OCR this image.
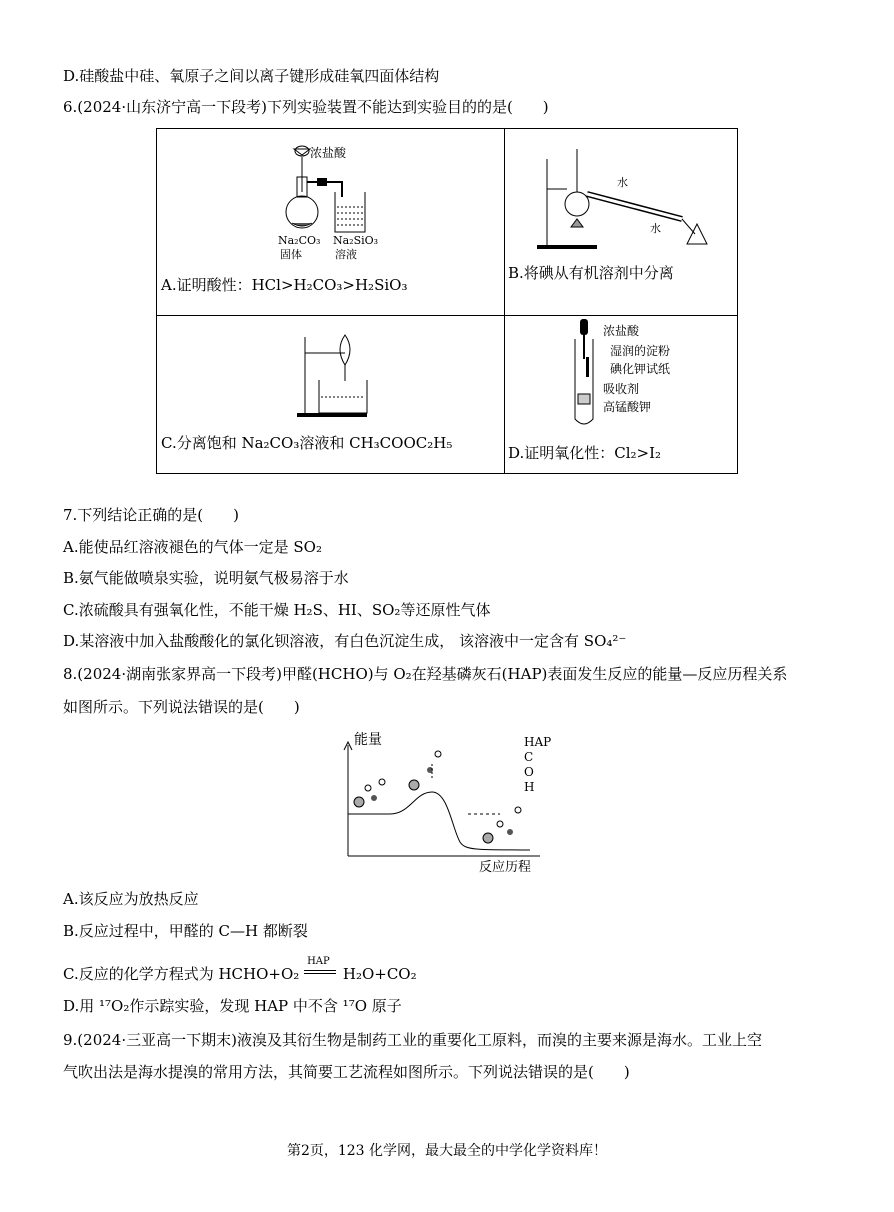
D.硅酸盐中硅、氧原子之间以离子键形成硅氧四面体结构
6.(2024·山东济宁高一下段考)下列实验装置不能达到实验目的的是(　　)
浓盐酸
Na₂CO₃
固体
Na₂SiO₃
溶液
A.证明酸性：HCl>H₂CO₃>H₂SiO₃
水
水
B.将碘从有机溶剂中分离
C.分离饱和 Na₂CO₃溶液和 CH₃COOC₂H₅
浓盐酸
湿润的淀粉
碘化钾试纸
吸收剂
高锰酸钾
D.证明氧化性：Cl₂>I₂
7.下列结论正确的是(　　)
A.能使品红溶液褪色的气体一定是 SO₂
B.氨气能做喷泉实验，说明氨气极易溶于水
C.浓硫酸具有强氧化性，不能干燥 H₂S、HI、SO₂等还原性气体
D.某溶液中加入盐酸酸化的氯化钡溶液，有白色沉淀生成， 该溶液中一定含有 SO₄²⁻
8.(2024·湖南张家界高一下段考)甲醛(HCHO)与 O₂在羟基磷灰石(HAP)表面发生反应的能量—反应历程关系
如图所示。下列说法错误的是(　　)
能量	HAP
C
O
H
反应历程
A.该反应为放热反应
B.反应过程中，甲醛的 C—H 都断裂
C.反应的化学方程式为 HCHO+O₂
HAP
H₂O+CO₂
D.用 ¹⁷O₂作示踪实验，发现 HAP 中不含 ¹⁷O 原子
9.(2024·三亚高一下期末)液溴及其衍生物是制药工业的重要化工原料，而溴的主要来源是海水。工业上空
气吹出法是海水提溴的常用方法，其简要工艺流程如图所示。下列说法错误的是(　　)
第2页，123 化学网，最大最全的中学化学资料库！
